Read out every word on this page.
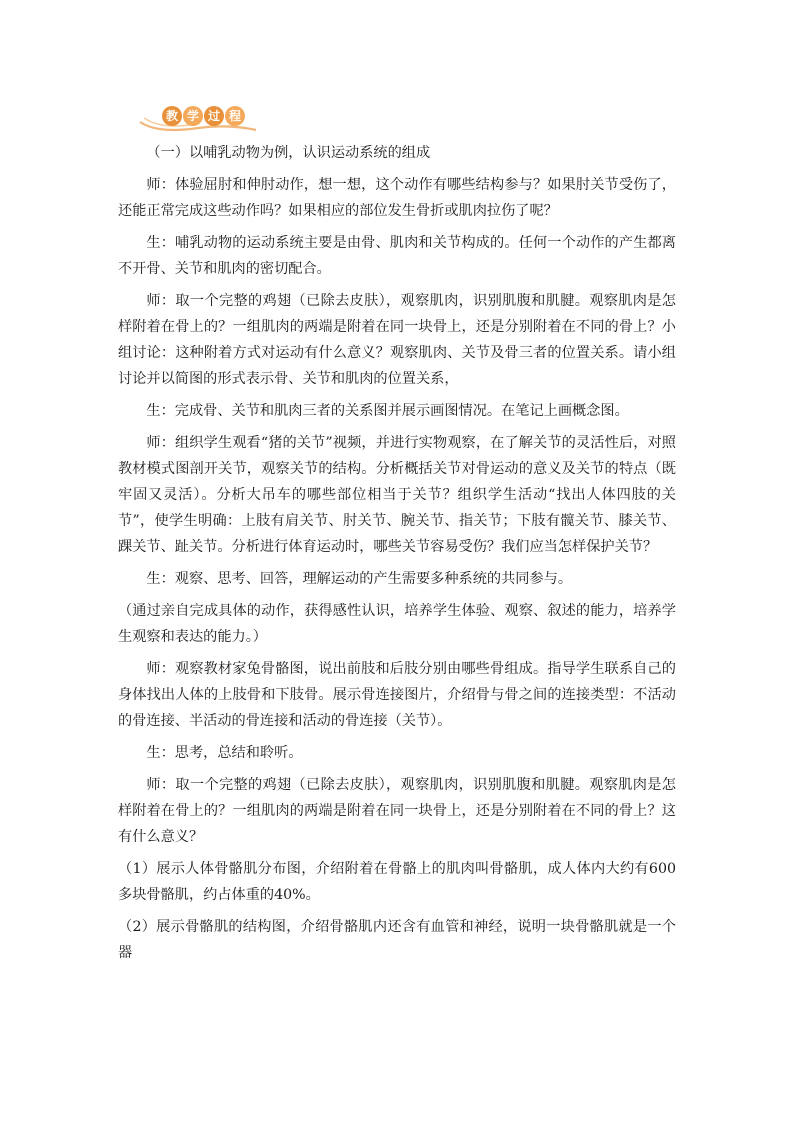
教 学 过 程

（一）以哺乳动物为例，认识运动系统的组成

师：体验屈肘和伸肘动作，想一想，这个动作有哪些结构参与？如果肘关节受伤了，还能正常完成这些动作吗？如果相应的部位发生骨折或肌肉拉伤了呢？

生：哺乳动物的运动系统主要是由骨、肌肉和关节构成的。任何一个动作的产生都离不开骨、关节和肌肉的密切配合。

师：取一个完整的鸡翅（已除去皮肤），观察肌肉，识别肌腹和肌腱。观察肌肉是怎样附着在骨上的？一组肌肉的两端是附着在同一块骨上，还是分别附着在不同的骨上？小组讨论：这种附着方式对运动有什么意义？观察肌肉、关节及骨三者的位置关系。请小组讨论并以简图的形式表示骨、关节和肌肉的位置关系，

生：完成骨、关节和肌肉三者的关系图并展示画图情况。在笔记上画概念图。

师：组织学生观看“猪的关节”视频，并进行实物观察，在了解关节的灵活性后，对照教材模式图剖开关节，观察关节的结构。分析概括关节对骨运动的意义及关节的特点（既牢固又灵活）。分析大吊车的哪些部位相当于关节？组织学生活动“找出人体四肢的关节”，使学生明确：上肢有肩关节、肘关节、腕关节、指关节；下肢有髋关节、膝关节、踝关节、趾关节。分析进行体育运动时，哪些关节容易受伤？我们应当怎样保护关节？

生：观察、思考、回答，理解运动的产生需要多种系统的共同参与。

（通过亲自完成具体的动作，获得感性认识，培养学生体验、观察、叙述的能力，培养学生观察和表达的能力。）

师：观察教材家兔骨骼图，说出前肢和后肢分别由哪些骨组成。指导学生联系自己的身体找出人体的上肢骨和下肢骨。展示骨连接图片，介绍骨与骨之间的连接类型：不活动的骨连接、半活动的骨连接和活动的骨连接（关节）。

生：思考，总结和聆听。

师：取一个完整的鸡翅（已除去皮肤），观察肌肉，识别肌腹和肌腱。观察肌肉是怎样附着在骨上的？一组肌肉的两端是附着在同一块骨上，还是分别附着在不同的骨上？这有什么意义？

（1）展示人体骨骼肌分布图，介绍附着在骨骼上的肌肉叫骨骼肌，成人体内大约有600多块骨骼肌，约占体重的40%。

（2）展示骨骼肌的结构图，介绍骨骼肌内还含有血管和神经，说明一块骨骼肌就是一个器
